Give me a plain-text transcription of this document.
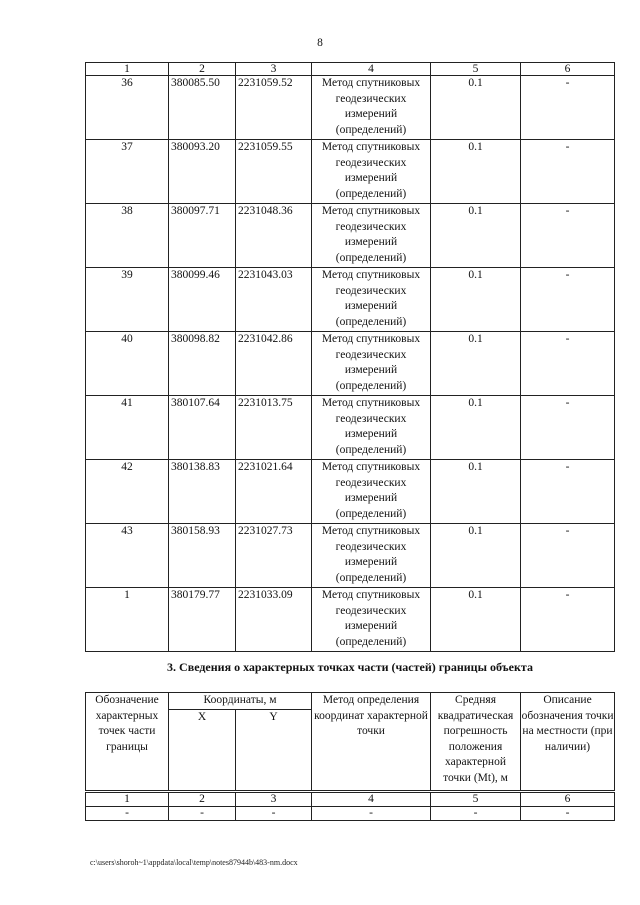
8
1	2	3	4	5	6
36	380085.50	2231059.52	Метод спутниковых геодезических измерений (определений)	0.1	-
37	380093.20	2231059.55	Метод спутниковых геодезических измерений (определений)	0.1	-
38	380097.71	2231048.36	Метод спутниковых геодезических измерений (определений)	0.1	-
39	380099.46	2231043.03	Метод спутниковых геодезических измерений (определений)	0.1	-
40	380098.82	2231042.86	Метод спутниковых геодезических измерений (определений)	0.1	-
41	380107.64	2231013.75	Метод спутниковых геодезических измерений (определений)	0.1	-
42	380138.83	2231021.64	Метод спутниковых геодезических измерений (определений)	0.1	-
43	380158.93	2231027.73	Метод спутниковых геодезических измерений (определений)	0.1	-
1	380179.77	2231033.09	Метод спутниковых геодезических измерений (определений)	0.1	-
3. Сведения о характерных точках части (частей) границы объекта
Обозначение характерных точек части границы	Координаты, м		Метод определения координат характерной точки	Средняя квадратическая погрешность положения характерной точки (Mt), м	Описание обозначения точки на местности (при наличии)
	X	Y			
1	2	3	4	5	6
-	-	-	-	-	-
c:\users\shoroh~1\appdata\local\temp\notes87944b\483-nm.docx
